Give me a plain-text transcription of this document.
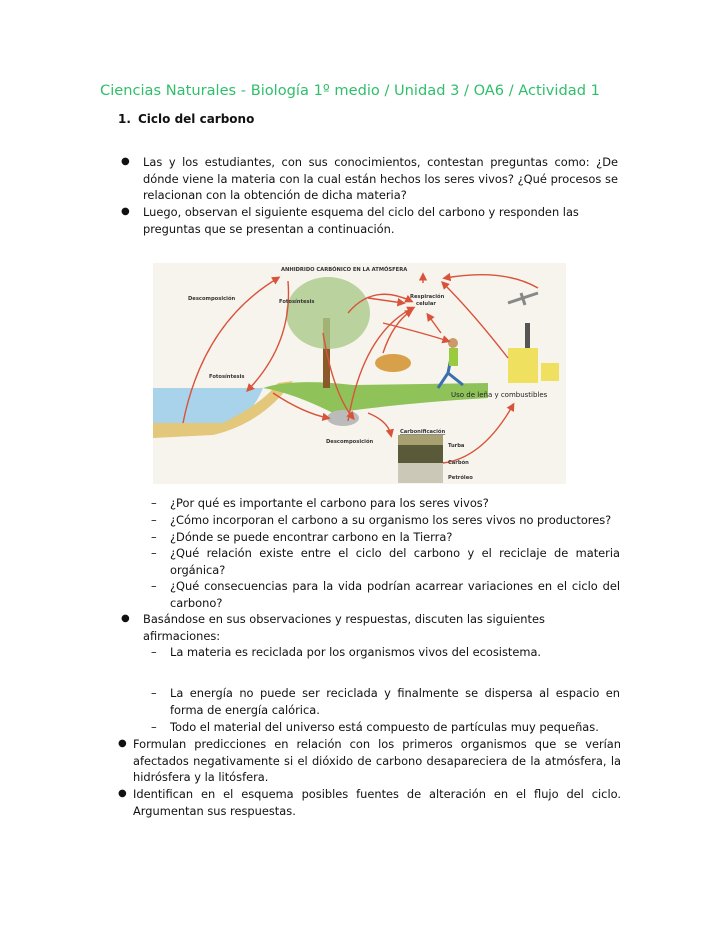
Ciencias Naturales - Biología 1º medio / Unidad 3 / OA6 / Actividad 1
1. Ciclo del carbono
● Las y los estudiantes, con sus conocimientos, contestan preguntas como: ¿De dónde viene la materia con la cual están hechos los seres vivos? ¿Qué procesos se relacionan con la obtención de dicha materia?
● Luego, observan el siguiente esquema del ciclo del carbono y responden las preguntas que se presentan a continuación.
ANHIDRIDO CARBÓNICO EN LA ATMÓSFERA
Descomposición	Fotosíntesis
Fotosíntesis
Respiración
celular
Uso de leña y combustibles
Descomposición
Carbonificación
Turba
Carbón
Petróleo
– ¿Por qué es importante el carbono para los seres vivos?
– ¿Cómo incorporan el carbono a su organismo los seres vivos no productores?
– ¿Dónde se puede encontrar carbono en la Tierra?
– ¿Qué relación existe entre el ciclo del carbono y el reciclaje de materia orgánica?
– ¿Qué consecuencias para la vida podrían acarrear variaciones en el ciclo del carbono?
● Basándose en sus observaciones y respuestas, discuten las siguientes afirmaciones:
– La materia es reciclada por los organismos vivos del ecosistema.
– La energía no puede ser reciclada y finalmente se dispersa al espacio en forma de energía calórica.
– Todo el material del universo está compuesto de partículas muy pequeñas.
● Formulan predicciones en relación con los primeros organismos que se verían afectados negativamente si el dióxido de carbono desapareciera de la atmósfera, la hidrósfera y la litósfera.
● Identifican en el esquema posibles fuentes de alteración en el flujo del ciclo. Argumentan sus respuestas.
